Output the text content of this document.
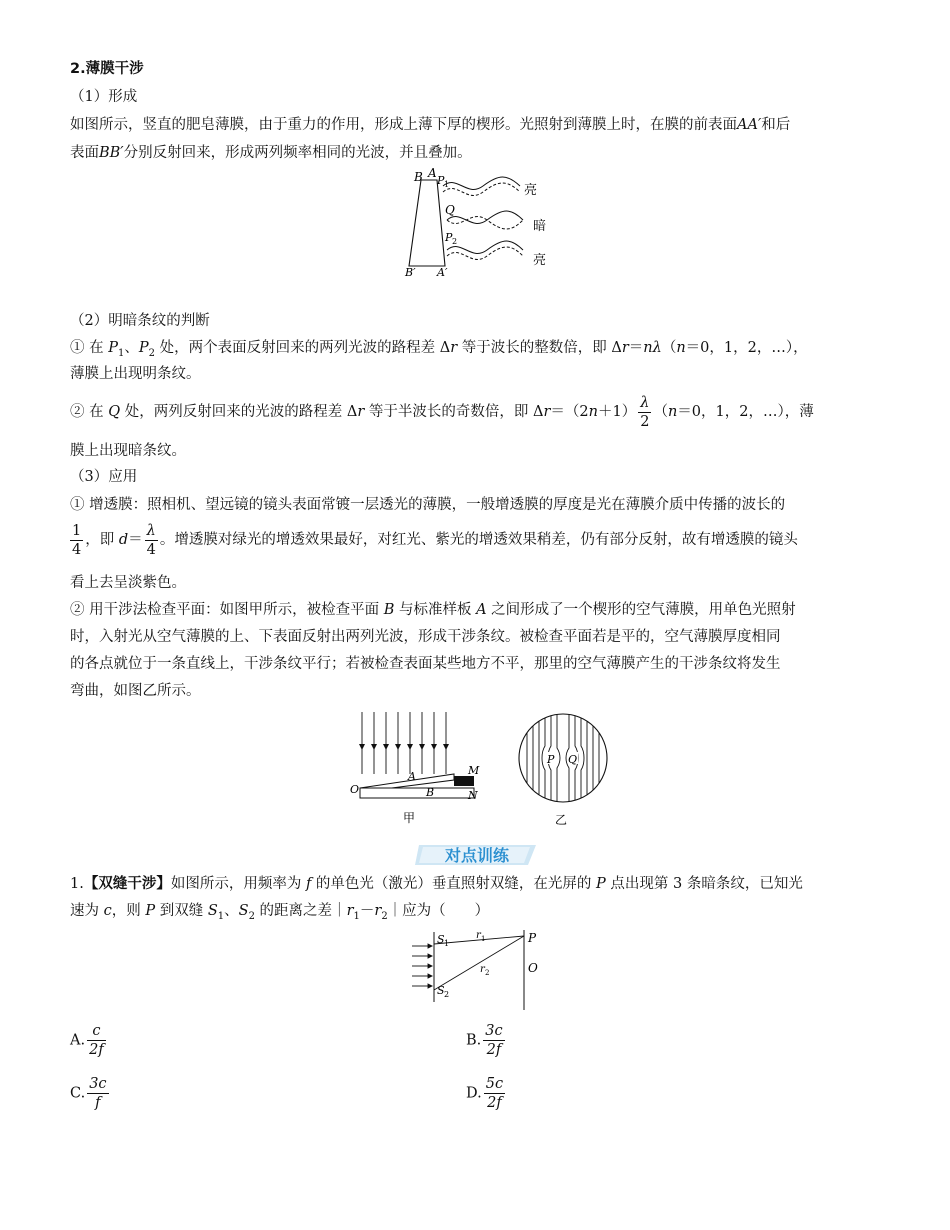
2.薄膜干涉
（1）形成
如图所示，竖直的肥皂薄膜，由于重力的作用，形成上薄下厚的楔形。光照射到薄膜上时，在膜的前表面AA′和后
表面BB′分别反射回来，形成两列频率相同的光波，并且叠加。
B A
P 1
Q
P 2
B′ A′
亮
暗
亮
（2）明暗条纹的判断
① 在 $P_1$、$P_2$ 处，两个表面反射回来的两列光波的路程差 Δr 等于波长的整数倍，即 Δr＝nλ（n＝0，1，2，…），
薄膜上出现明条纹。
② 在 Q 处，两列反射回来的光波的路程差 Δr 等于半波长的奇数倍，即 $\Delta r=(2n+1) \frac{\lambda}{2} (n=0$，1，2，…），薄
膜上出现暗条纹。
（3）应用
① 增透膜：照相机、望远镜的镜头表面常镀一层透光的薄膜，一般增透膜的厚度是光在薄膜介质中传播的波长的
$\frac{1}{4}$ ，即 $d= \frac{\lambda}{4}$ 。增透膜对绿光的增透效果最好，对红光、紫光的增透效果稍差，仍有部分反射，故有增透膜的镜头
看上去呈淡紫色。
② 用干涉法检查平面：如图甲所示，被检查平面 B 与标准样板 A 之间形成了一个楔形的空气薄膜，用单色光照射
时，入射光从空气薄膜的上、下表面反射出两列光波，形成干涉条纹。被检查平面若是平的，空气薄膜厚度相同
的各点就位于一条直线上，干涉条纹平行；若被检查表面某些地方不平，那里的空气薄膜产生的干涉条纹将发生
弯曲，如图乙所示。
A
B
O
M
N
甲
P Q
乙
对点训练
1.【双缝干涉】如图所示，用频率为 f 的单色光（激光）垂直照射双缝，在光屏的 P 点出现第 3 条暗条纹，已知光
速为 c，则 P 到双缝 $S_1$、$S_2$ 的距离之差$|r_1-r_2|$应为（　　）
S 1
S 2
r 1
r 2
P
O
A. $\frac{c}{2f}$	B. $\frac{3c}{2f}$
C. $\frac{3c}{f}$	D. $\frac{5c}{2f}$
